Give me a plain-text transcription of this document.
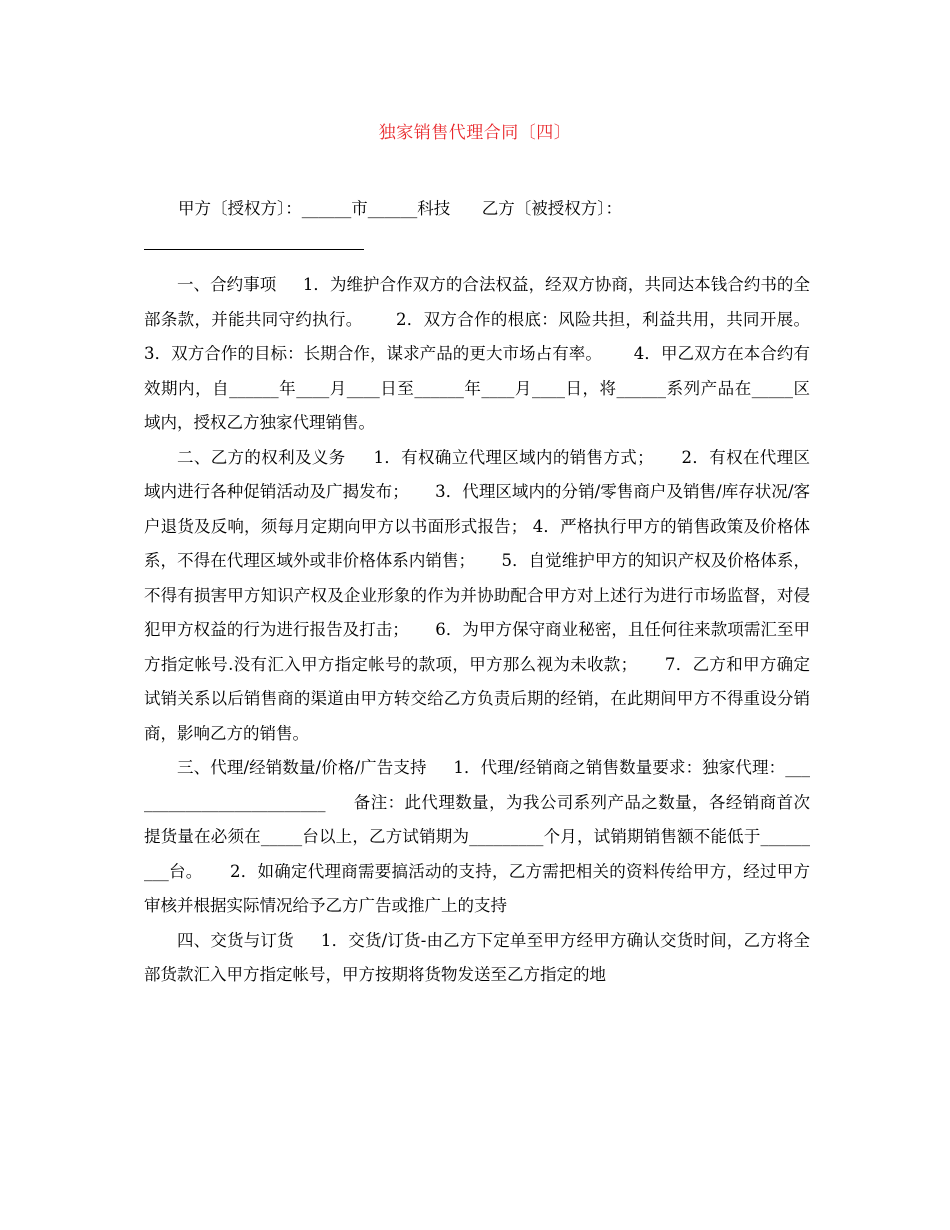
独家销售代理合同〔四〕
甲方〔授权方〕：______市______科技      乙方〔被授权方〕：

一、合约事项     1．为维护合作双方的合法权益，经双方协商，共同达本钱合约书的全部条款，并能共同守约执行。      2．双方合作的根底：风险共担，利益共用，共同开展。      3．双方合作的目标：长期合作，谋求产品的更大市场占有率。      4．甲乙双方在本合约有效期内，自______年____月____日至______年____月____日，将______系列产品在_____区域内，授权乙方独家代理销售。

二、乙方的权利及义务     1．有权确立代理区域内的销售方式；     2．有权在代理区域内进行各种促销活动及广揭发布；     3．代理区域内的分销/零售商户及销售/库存状况/客户退货及反响，须每月定期向甲方以书面形式报告； 4．严格执行甲方的销售政策及价格体系，不得在代理区域外或非价格体系内销售；     5．自觉维护甲方的知识产权及价格体系，不得有损害甲方知识产权及企业形象的作为并协助配合甲方对上述行为进行市场监督，对侵犯甲方权益的行为进行报告及打击；     6．为甲方保守商业秘密，且任何往来款项需汇至甲方指定帐号.没有汇入甲方指定帐号的款项，甲方那么视为未收款；     7．乙方和甲方确定试销关系以后销售商的渠道由甲方转交给乙方负责后期的经销，在此期间甲方不得重设分销商，影响乙方的销售。

三、代理/经销数量/价格/广告支持     1．代理/经销商之销售数量要求：独家代理：_________________________     备注：此代理数量，为我公司系列产品之数量，各经销商首次提货量在必须在_____台以上，乙方试销期为_________个月，试销期销售额不能低于_________台。     2．如确定代理商需要搞活动的支持，乙方需把相关的资料传给甲方，经过甲方审核并根据实际情况给予乙方广告或推广上的支持

四、交货与订货     1．交货/订货-由乙方下定单至甲方经甲方确认交货时间，乙方将全部货款汇入甲方指定帐号，甲方按期将货物发送至乙方指定的地
